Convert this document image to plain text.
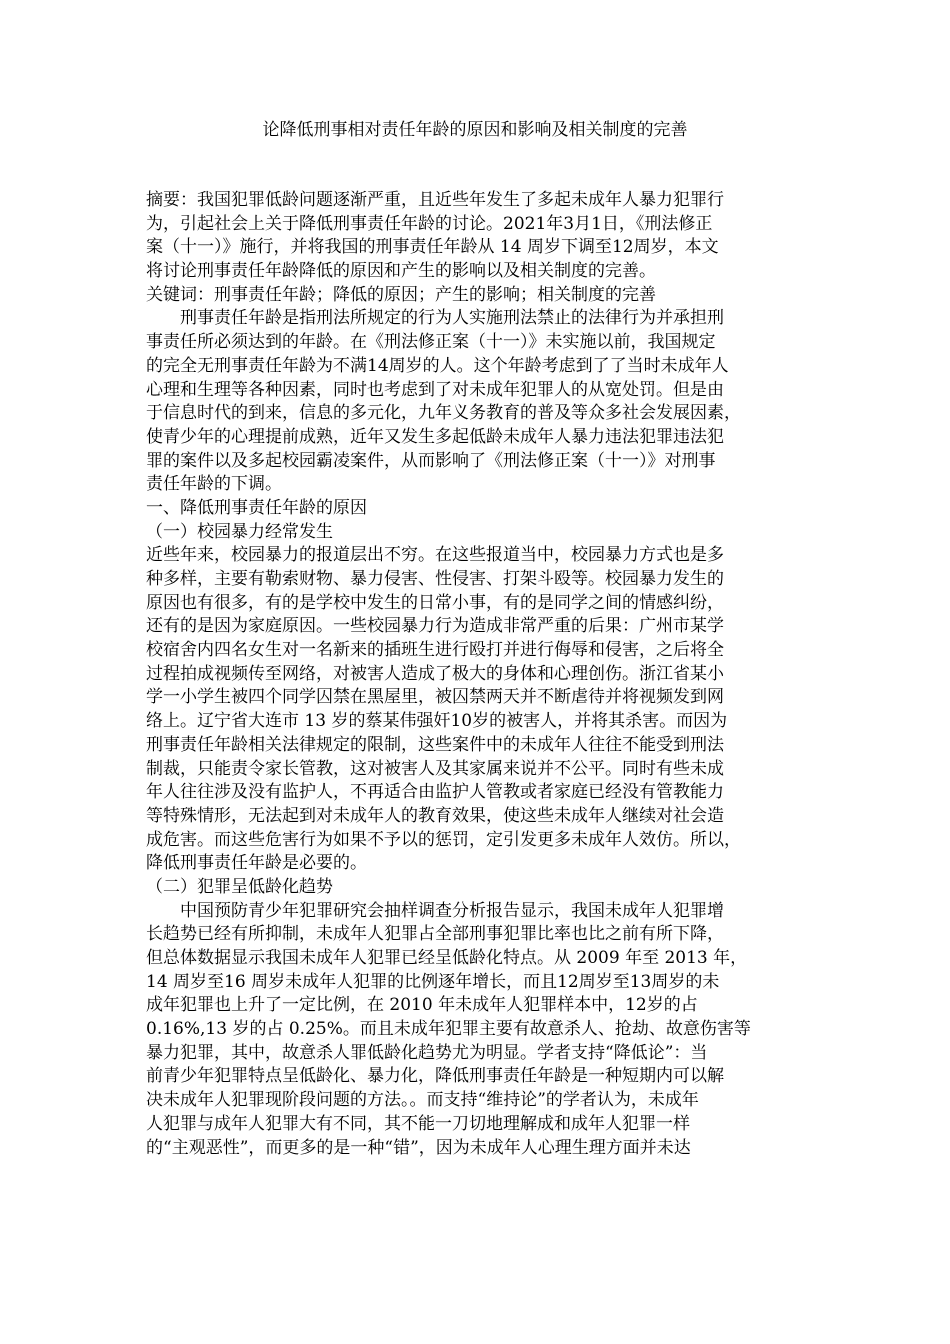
论降低刑事相对责任年龄的原因和影响及相关制度的完善
摘要：我国犯罪低龄问题逐渐严重，且近些年发生了多起未成年人暴力犯罪行
为，引起社会上关于降低刑事责任年龄的讨论。2021年3月1日，《刑法修正
案（十一）》施行，并将我国的刑事责任年龄从 14 周岁下调至12周岁，本文
将讨论刑事责任年龄降低的原因和产生的影响以及相关制度的完善。
关键词：刑事责任年龄；降低的原因；产生的影响；相关制度的完善
刑事责任年龄是指刑法所规定的行为人实施刑法禁止的法律行为并承担刑
事责任所必须达到的年龄。在《刑法修正案（十一）》未实施以前，我国规定
的完全无刑事责任年龄为不满14周岁的人。这个年龄考虑到了了当时未成年人
心理和生理等各种因素，同时也考虑到了对未成年犯罪人的从宽处罚。但是由
于信息时代的到来，信息的多元化，九年义务教育的普及等众多社会发展因素，
使青少年的心理提前成熟，近年又发生多起低龄未成年人暴力违法犯罪违法犯
罪的案件以及多起校园霸凌案件，从而影响了《刑法修正案（十一）》对刑事
责任年龄的下调。
一、降低刑事责任年龄的原因
（一）校园暴力经常发生
近些年来，校园暴力的报道层出不穷。在这些报道当中，校园暴力方式也是多
种多样，主要有勒索财物、暴力侵害、性侵害、打架斗殴等。校园暴力发生的
原因也有很多，有的是学校中发生的日常小事，有的是同学之间的情感纠纷，
还有的是因为家庭原因。一些校园暴力行为造成非常严重的后果：广州市某学
校宿舍内四名女生对一名新来的插班生进行殴打并进行侮辱和侵害，之后将全
过程拍成视频传至网络，对被害人造成了极大的身体和心理创伤。浙江省某小
学一小学生被四个同学囚禁在黑屋里，被囚禁两天并不断虐待并将视频发到网
络上。辽宁省大连市 13 岁的蔡某伟强奸10岁的被害人，并将其杀害。而因为
刑事责任年龄相关法律规定的限制，这些案件中的未成年人往往不能受到刑法
制裁，只能责令家长管教，这对被害人及其家属来说并不公平。同时有些未成
年人往往涉及没有监护人，不再适合由监护人管教或者家庭已经没有管教能力
等特殊情形，无法起到对未成年人的教育效果，使这些未成年人继续对社会造
成危害。而这些危害行为如果不予以的惩罚，定引发更多未成年人效仿。所以，
降低刑事责任年龄是必要的。
（二）犯罪呈低龄化趋势
中国预防青少年犯罪研究会抽样调查分析报告显示，我国未成年人犯罪增
长趋势已经有所抑制，未成年人犯罪占全部刑事犯罪比率也比之前有所下降，
但总体数据显示我国未成年人犯罪已经呈低龄化特点。从 2009 年至 2013 年，
14 周岁至16 周岁未成年人犯罪的比例逐年增长，而且12周岁至13周岁的未
成年犯罪也上升了一定比例，在 2010 年未成年人犯罪样本中，12岁的占
0.16%,13 岁的占 0.25%。而且未成年犯罪主要有故意杀人、抢劫、故意伤害等
暴力犯罪，其中，故意杀人罪低龄化趋势尤为明显。学者支持“降低论”：当
前青少年犯罪特点呈低龄化、暴力化，降低刑事责任年龄是一种短期内可以解
决未成年人犯罪现阶段问题的方法。。而支持“维持论”的学者认为，未成年
人犯罪与成年人犯罪大有不同，其不能一刀切地理解成和成年人犯罪一样
的“主观恶性”，而更多的是一种“错”，因为未成年人心理生理方面并未达
